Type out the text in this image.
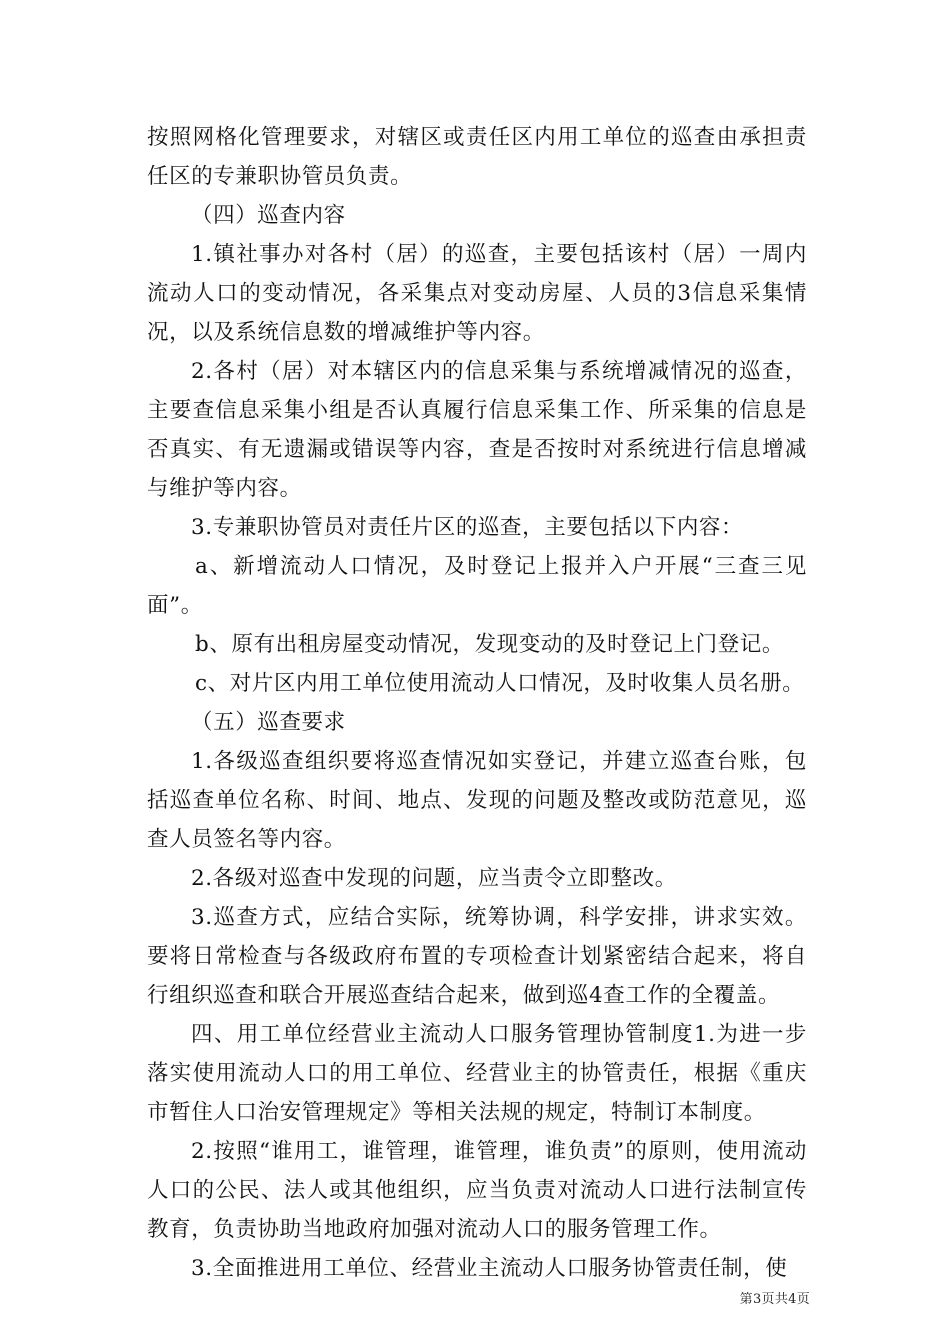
按照网格化管理要求，对辖区或责任区内用工单位的巡查由承担责任区的专兼职协管员负责。

（四）巡查内容

1.镇社事办对各村（居）的巡查，主要包括该村（居）一周内流动人口的变动情况，各采集点对变动房屋、人员的3信息采集情况，以及系统信息数的增减维护等内容。

2.各村（居）对本辖区内的信息采集与系统增减情况的巡查，主要查信息采集小组是否认真履行信息采集工作、所采集的信息是否真实、有无遗漏或错误等内容，查是否按时对系统进行信息增减与维护等内容。

3.专兼职协管员对责任片区的巡查，主要包括以下内容：

a、新增流动人口情况，及时登记上报并入户开展“三查三见面”。

b、原有出租房屋变动情况，发现变动的及时登记上门登记。

c、对片区内用工单位使用流动人口情况，及时收集人员名册。

（五）巡查要求

1.各级巡查组织要将巡查情况如实登记，并建立巡查台账，包括巡查单位名称、时间、地点、发现的问题及整改或防范意见，巡查人员签名等内容。

2.各级对巡查中发现的问题，应当责令立即整改。

3.巡查方式，应结合实际，统筹协调，科学安排，讲求实效。要将日常检查与各级政府布置的专项检查计划紧密结合起来，将自行组织巡查和联合开展巡查结合起来，做到巡4查工作的全覆盖。

四、用工单位经营业主流动人口服务管理协管制度1.为进一步落实使用流动人口的用工单位、经营业主的协管责任，根据《重庆市暂住人口治安管理规定》等相关法规的规定，特制订本制度。

2.按照“谁用工，谁管理，谁管理，谁负责”的原则，使用流动人口的公民、法人或其他组织，应当负责对流动人口进行法制宣传教育，负责协助当地政府加强对流动人口的服务管理工作。

3.全面推进用工单位、经营业主流动人口服务协管责任制，使

第3页共4页
